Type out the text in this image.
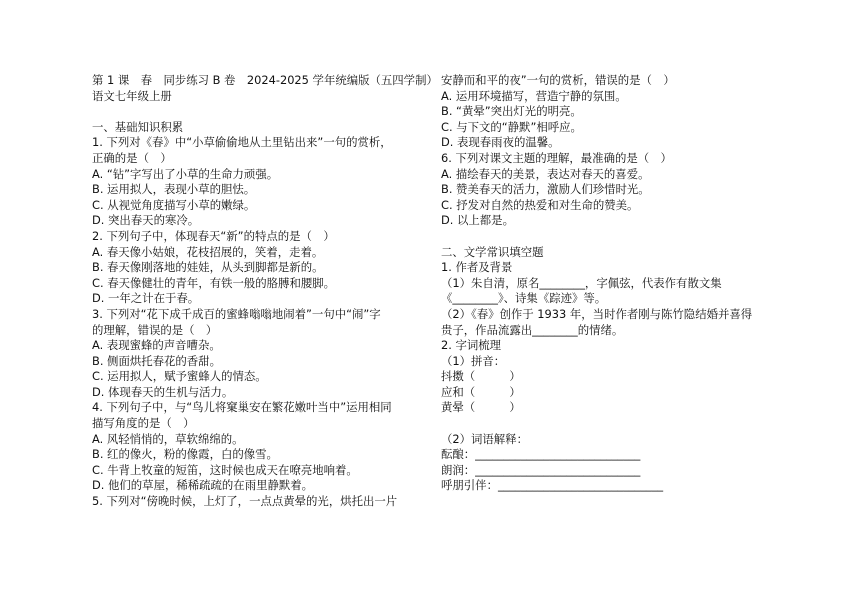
第 1 课　春　同步练习 B 卷　2024-2025 学年统编版（五四学制）
语文七年级上册
一、基础知识积累
1. 下列对《春》中“小草偷偷地从土里钻出来”一句的赏析，
正确的是（　）
A. “钻”字写出了小草的生命力顽强。
B. 运用拟人，表现小草的胆怯。
C. 从视觉角度描写小草的嫩绿。
D. 突出春天的寒冷。
2. 下列句子中，体现春天“新”的特点的是（　）
A. 春天像小姑娘，花枝招展的，笑着，走着。
B. 春天像刚落地的娃娃，从头到脚都是新的。
C. 春天像健壮的青年，有铁一般的胳膊和腰脚。
D. 一年之计在于春。
3. 下列对“花下成千成百的蜜蜂嗡嗡地闹着”一句中“闹”字
的理解，错误的是（　）
A. 表现蜜蜂的声音嘈杂。
B. 侧面烘托春花的香甜。
C. 运用拟人，赋予蜜蜂人的情态。
D. 体现春天的生机与活力。
4. 下列句子中，与“鸟儿将窠巢安在繁花嫩叶当中”运用相同
描写角度的是（　）
A. 风轻悄悄的，草软绵绵的。
B. 红的像火，粉的像霞，白的像雪。
C. 牛背上牧童的短笛，这时候也成天在嘹亮地响着。
D. 他们的草屋，稀稀疏疏的在雨里静默着。
5. 下列对“傍晚时候，上灯了，一点点黄晕的光，烘托出一片
安静而和平的夜”一句的赏析，错误的是（　）
A. 运用环境描写，营造宁静的氛围。
B. “黄晕”突出灯光的明亮。
C. 与下文的“静默”相呼应。
D. 表现春雨夜的温馨。
6. 下列对课文主题的理解，最准确的是（　）
A. 描绘春天的美景，表达对春天的喜爱。
B. 赞美春天的活力，激励人们珍惜时光。
C. 抒发对自然的热爱和对生命的赞美。
D. 以上都是。
二、文学常识填空题
1. 作者及背景
（1）朱自清，原名________，字佩弦，代表作有散文集
《________》、诗集《踪迹》等。
（2）《春》创作于 1933 年，当时作者刚与陈竹隐结婚并喜得
贵子，作品流露出________的情绪。
2. 字词梳理
（1）拼音：
抖擞（　　　）
应和（　　　）
黄晕（　　　）
（2）词语解释：
酝酿：_____________________________
朗润：_____________________________
呼朋引伴：_____________________________
